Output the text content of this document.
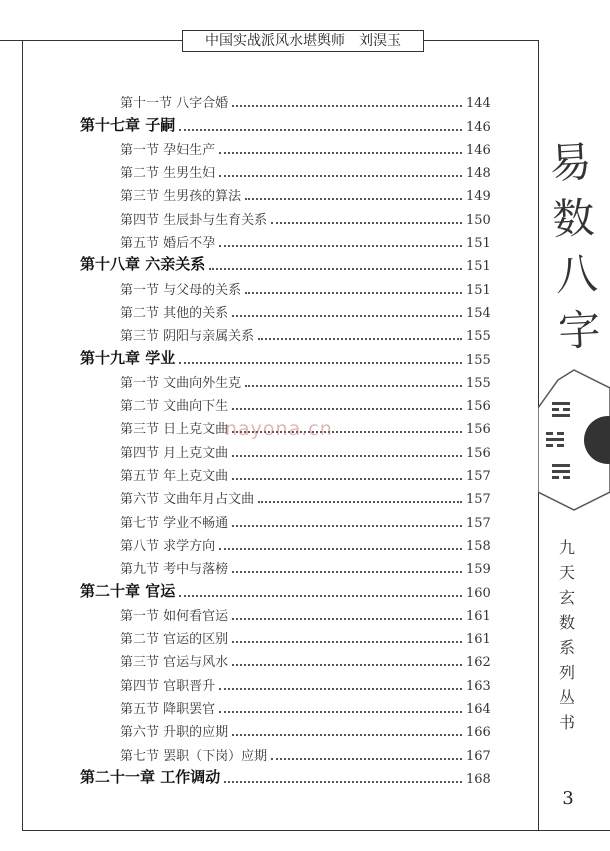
中国实战派风水堪舆师　刘淏玉
易
数
八
字
九
天
玄
数
系
列
丛
书
3
第十一节 八字合婚	144
第十七章 子嗣	146
第一节 孕妇生产	146
第二节 生男生妇	148
第三节 生男孩的算法	149
第四节 生辰卦与生育关系	150
第五节 婚后不孕	151
第十八章 六亲关系	151
第一节 与父母的关系	151
第二节 其他的关系	154
第三节 阴阳与亲属关系	155
第十九章 学业	155
第一节 文曲向外生克	155
第二节 文曲向下生	156
第三节 日上克文曲	156
第四节 月上克文曲	156
第五节 年上克文曲	157
第六节 文曲年月占文曲	157
第七节 学业不畅通	157
第八节 求学方向	158
第九节 考中与落榜	159
第二十章 官运	160
第一节 如何看官运	161
第二节 官运的区别	161
第三节 官运与风水	162
第四节 官职晋升	163
第五节 降职罢官	164
第六节 升职的应期	166
第七节 罢职（下岗）应期	167
第二十一章 工作调动	168
nayona.cn
